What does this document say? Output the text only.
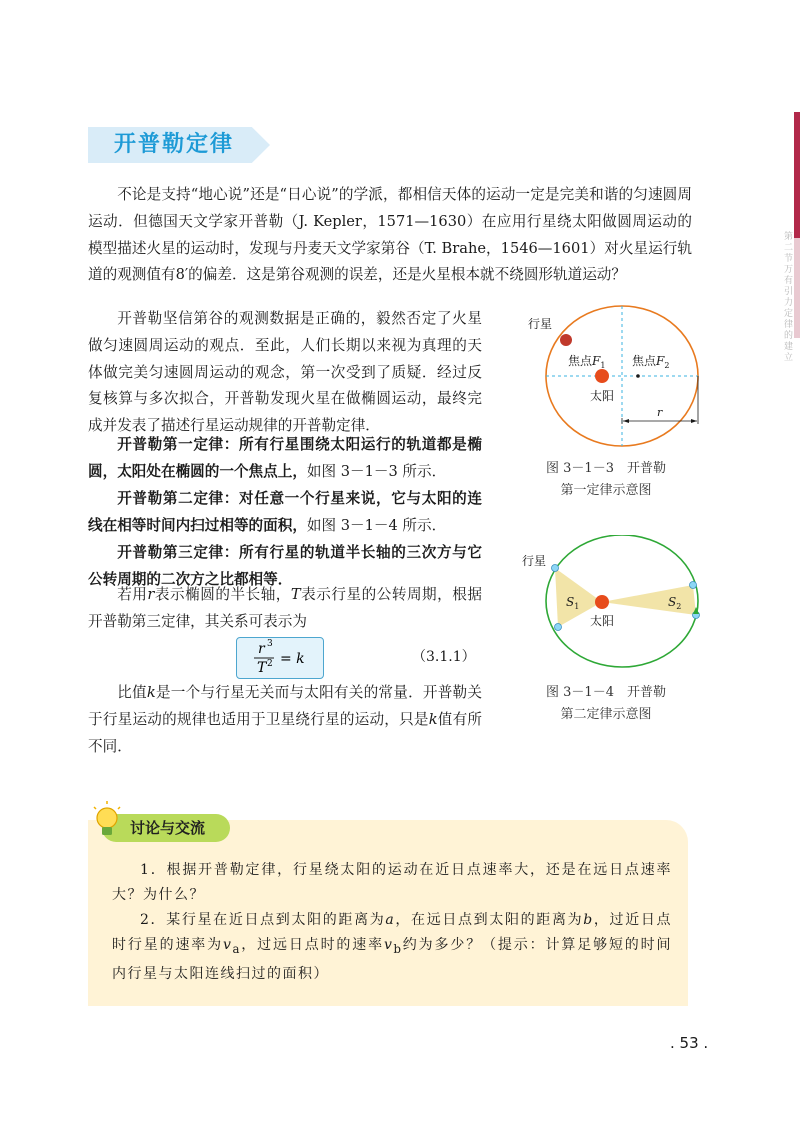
第二节 万有引力定律的建立
开普勒定律

不论是支持“地心说”还是“日心说”的学派，都相信天体的运动一定是完美和谐的匀速圆周运动．但德国天文学家开普勒（J. Kepler，1571—1630）在应用行星绕太阳做圆周运动的模型描述火星的运动时，发现与丹麦天文学家第谷（T. Brahe，1546—1601）对火星运行轨道的观测值有8′的偏差．这是第谷观测的误差，还是火星根本就不绕圆形轨道运动？

开普勒坚信第谷的观测数据是正确的，毅然否定了火星做匀速圆周运动的观点．至此，人们长期以来视为真理的天体做完美匀速圆周运动的观念，第一次受到了质疑．经过反复核算与多次拟合，开普勒发现火星在做椭圆运动，最终完成并发表了描述行星运动规律的开普勒定律．

开普勒第一定律：所有行星围绕太阳运行的轨道都是椭圆，太阳处在椭圆的一个焦点上，如图 3－1－3 所示．

开普勒第二定律：对任意一个行星来说，它与太阳的连线在相等时间内扫过相等的面积，如图 3－1－4 所示．

开普勒第三定律：所有行星的轨道半长轴的三次方与它公转周期的二次方之比都相等．

若用r表示椭圆的半长轴，T表示行星的公转周期，根据开普勒第三定律，其关系可表示为

r 3
T 2 = k	（3.1.1）

比值k是一个与行星无关而与太阳有关的常量．开普勒关于行星运动的规律也适用于卫星绕行星的运动，只是k值有所不同．

行星
焦点$F_1$ 焦点$F_2$
太阳
r
图 3－1－3　开普勒
第一定律示意图
行星
$S_1$	$S_2$
太阳
图 3－1－4　开普勒
第二定律示意图
讨论与交流

1．根据开普勒定律，行星绕太阳的运动在近日点速率大，还是在远日点速率大？为什么？

2．某行星在近日点到太阳的距离为a，在远日点到太阳的距离为b，过近日点时行星的速率为$v_a$，过远日点时的速率$v_b$约为多少？（提示：计算足够短的时间内行星与太阳连线扫过的面积）

. 53 .
